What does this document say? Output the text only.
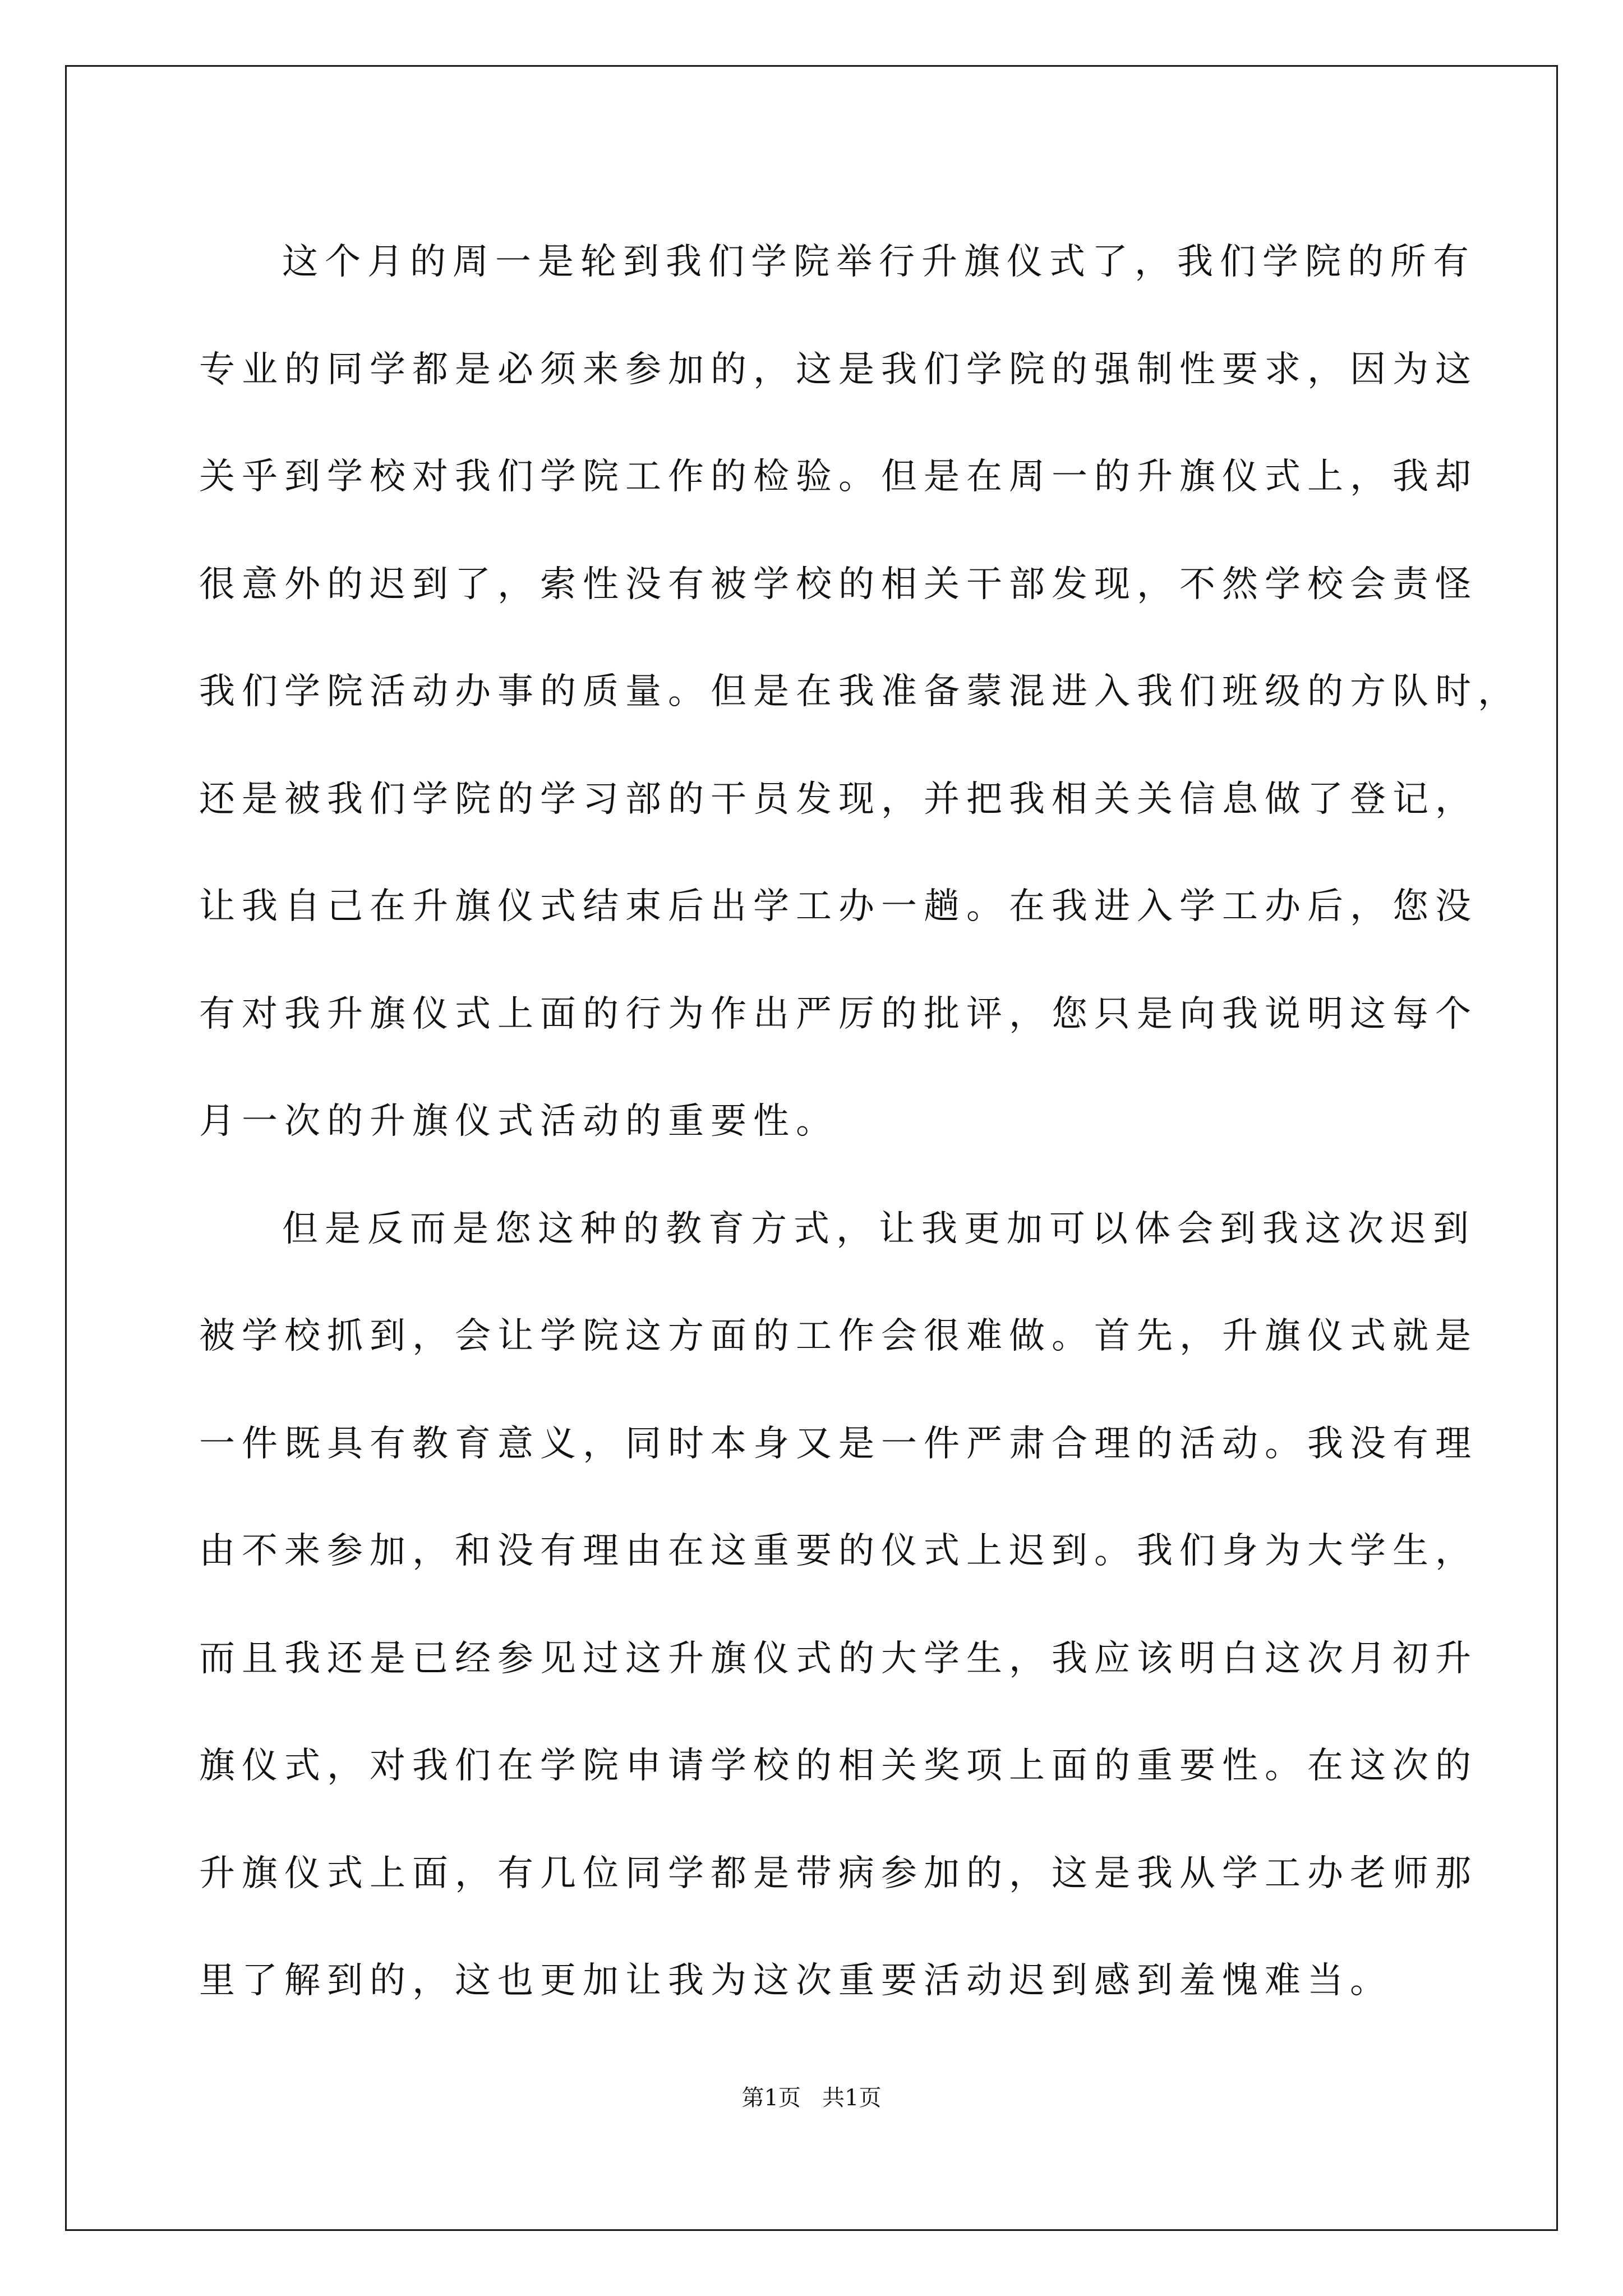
这个月的周一是轮到我们学院举行升旗仪式了，我们学院的所有
专业的同学都是必须来参加的，这是我们学院的强制性要求，因为这
关乎到学校对我们学院工作的检验。但是在周一的升旗仪式上，我却
很意外的迟到了，索性没有被学校的相关干部发现，不然学校会责怪
我们学院活动办事的质量。但是在我准备蒙混进入我们班级的方队时，
还是被我们学院的学习部的干员发现，并把我相关关信息做了登记，
让我自己在升旗仪式结束后出学工办一趟。在我进入学工办后，您没
有对我升旗仪式上面的行为作出严厉的批评，您只是向我说明这每个
月一次的升旗仪式活动的重要性。
但是反而是您这种的教育方式，让我更加可以体会到我这次迟到
被学校抓到，会让学院这方面的工作会很难做。首先，升旗仪式就是
一件既具有教育意义，同时本身又是一件严肃合理的活动。我没有理
由不来参加，和没有理由在这重要的仪式上迟到。我们身为大学生，
而且我还是已经参见过这升旗仪式的大学生，我应该明白这次月初升
旗仪式，对我们在学院申请学校的相关奖项上面的重要性。在这次的
升旗仪式上面，有几位同学都是带病参加的，这是我从学工办老师那
里了解到的，这也更加让我为这次重要活动迟到感到羞愧难当。
第1页   共1页
